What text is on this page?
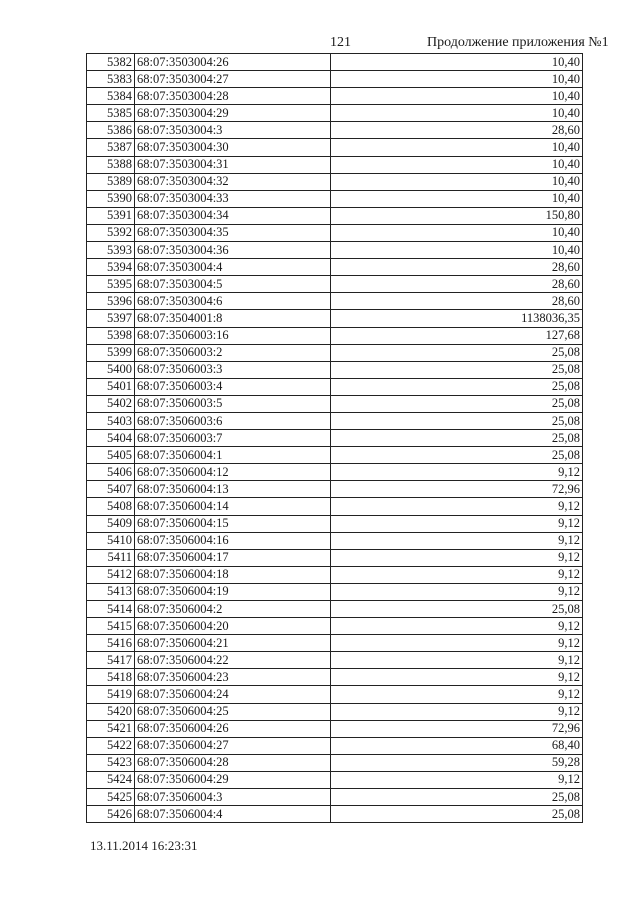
121	Продолжение приложения №1
5382	68:07:3503004:26	10,40
5383	68:07:3503004:27	10,40
5384	68:07:3503004:28	10,40
5385	68:07:3503004:29	10,40
5386	68:07:3503004:3	28,60
5387	68:07:3503004:30	10,40
5388	68:07:3503004:31	10,40
5389	68:07:3503004:32	10,40
5390	68:07:3503004:33	10,40
5391	68:07:3503004:34	150,80
5392	68:07:3503004:35	10,40
5393	68:07:3503004:36	10,40
5394	68:07:3503004:4	28,60
5395	68:07:3503004:5	28,60
5396	68:07:3503004:6	28,60
5397	68:07:3504001:8	1138036,35
5398	68:07:3506003:16	127,68
5399	68:07:3506003:2	25,08
5400	68:07:3506003:3	25,08
5401	68:07:3506003:4	25,08
5402	68:07:3506003:5	25,08
5403	68:07:3506003:6	25,08
5404	68:07:3506003:7	25,08
5405	68:07:3506004:1	25,08
5406	68:07:3506004:12	9,12
5407	68:07:3506004:13	72,96
5408	68:07:3506004:14	9,12
5409	68:07:3506004:15	9,12
5410	68:07:3506004:16	9,12
5411	68:07:3506004:17	9,12
5412	68:07:3506004:18	9,12
5413	68:07:3506004:19	9,12
5414	68:07:3506004:2	25,08
5415	68:07:3506004:20	9,12
5416	68:07:3506004:21	9,12
5417	68:07:3506004:22	9,12
5418	68:07:3506004:23	9,12
5419	68:07:3506004:24	9,12
5420	68:07:3506004:25	9,12
5421	68:07:3506004:26	72,96
5422	68:07:3506004:27	68,40
5423	68:07:3506004:28	59,28
5424	68:07:3506004:29	9,12
5425	68:07:3506004:3	25,08
5426	68:07:3506004:4	25,08
13.11.2014 16:23:31
